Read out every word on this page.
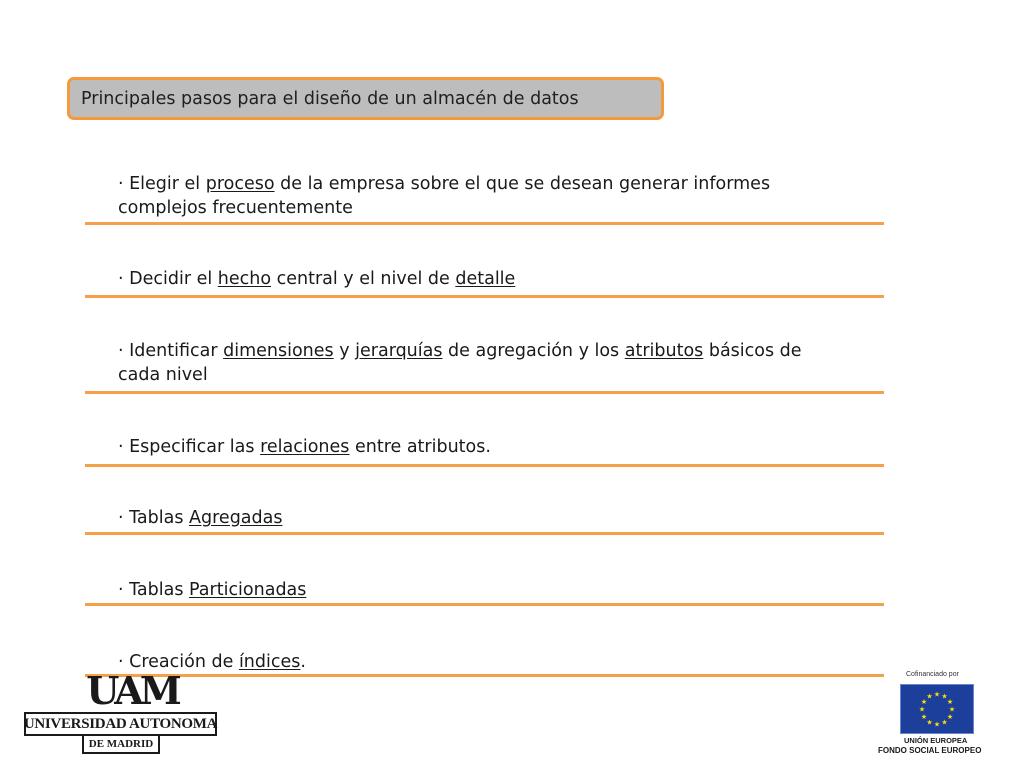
Principales pasos para el diseño de un almacén de datos

· Elegir el proceso de la empresa sobre el que se desean generar informes complejos frecuentemente

· Decidir el hecho central y el nivel de detalle

· Identificar dimensiones y jerarquías de agregación y los atributos básicos de cada nivel

· Especificar las relaciones entre atributos.

· Tablas Agregadas

· Tablas Particionadas

· Creación de índices.

UAM
UNIVERSIDAD AUTONOMA
DE MADRID
Cofinanciado por
★ ★
★
★
★
★
★
★
★
★
★
★
UNIÓN EUROPEA
FONDO SOCIAL EUROPEO
